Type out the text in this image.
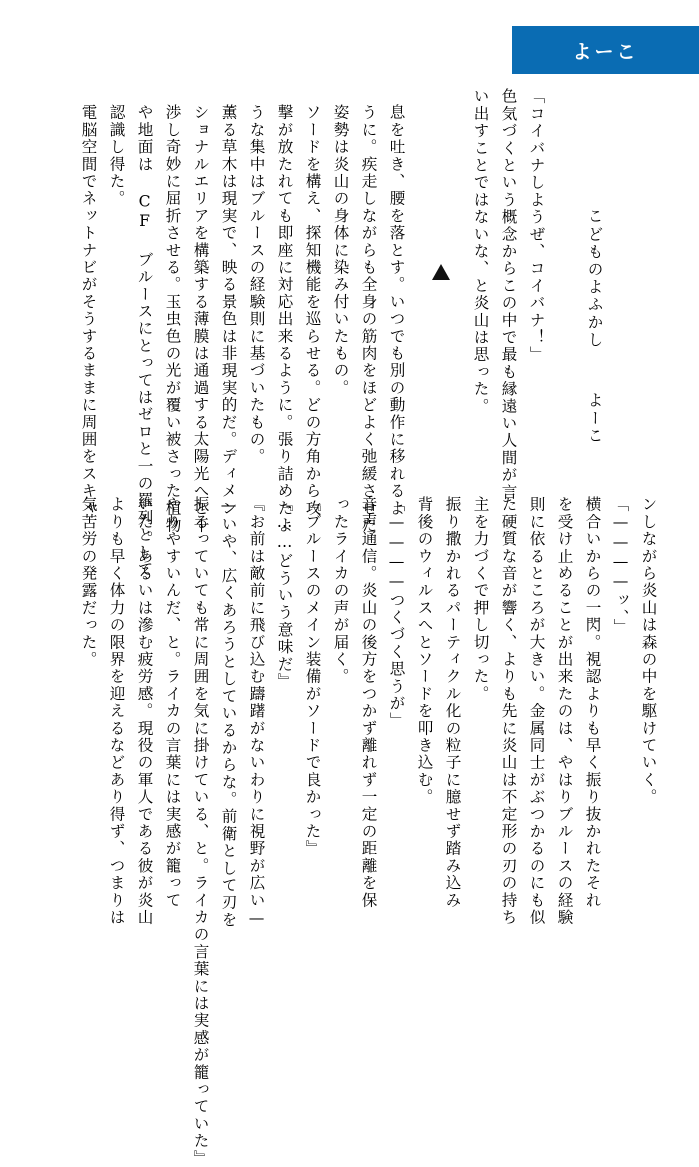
よーこ
こどものよふかし
よーこ
「コイバナしようぜ、コイバナ！」
色気づくという概念からこの中で最も縁遠い人間が言
い出すことではないな、と炎山は思った。
息を吐き、腰を落とす。いつでも別の動作に移れるよ
うに。疾走しながらも全身の筋肉をほどよく弛緩させた
姿勢は炎山の身体に染み付いたもの。
ソードを構え、探知機能を巡らせる。どの方角から攻
撃が放たれても即座に対応出来るように。張り詰めたよ
うな集中はブルースの経験則に基づいたもの。
薫る草木は現実で、映る景色は非現実的だ。ディメン
ショナルエリアを構築する薄膜は通過する太陽光へと干
渉し奇妙に屈折させる。玉虫色の光が覆い被さった植物
や地面は CF ブルースにとってはゼロと一の羅列として
認識し得た。
電脳空間でネットナビがそうするままに周囲をスキャ
ンしながら炎山は森の中を駆けていく。
「————ッ、」
横合いからの一閃。視認よりも早く振り抜かれたそれ
を受け止めることが出来たのは、やはりブルースの経験
則に依るところが大きい。金属同士がぶつかるのにも似
た硬質な音が響く、よりも先に炎山は不定形の刃の持ち
主を力づくで押し切った。
振り撒かれるパーティクル化の粒子に臆せず踏み込み
背後のウィルスへとソードを叩き込む。
「————つくづく思うが」
音声通信。炎山の後方をつかず離れず一定の距離を保
ったライカの声が届く。
『ブルースのメイン装備がソードで良かった』
『……どういう意味だ』
『お前は敵前に飛び込む躊躇がないわりに視野が広い—
—いや、広くあろうとしているからな。前衛として刃を
振るっていても常に周囲を気に掛けている、と。ライカの言葉には実感が籠っていた』
やりやすいんだ、と。ライカの言葉には実感が籠って
いた。あるいは滲む疲労感。現役の軍人である彼が炎山
よりも早く体力の限界を迎えるなどあり得ず、つまりは
気苦労の発露だった。
